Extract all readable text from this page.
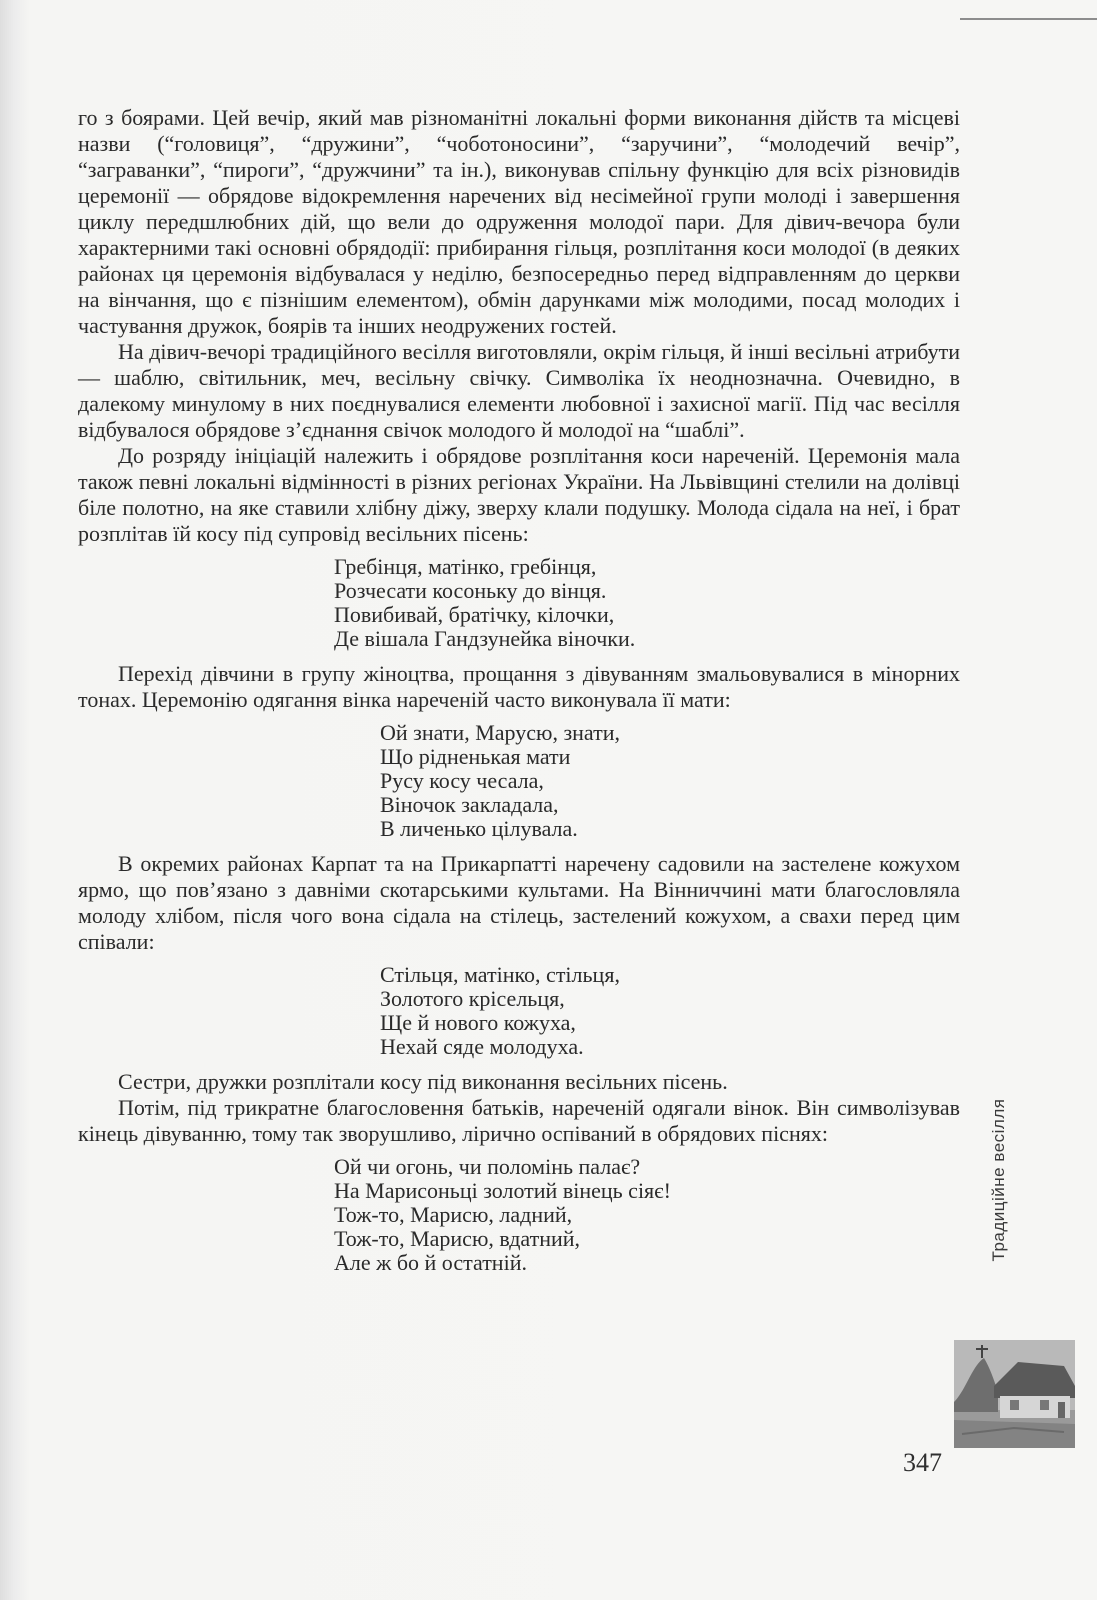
го з боярами. Цей вечір, який мав різноманітні локальні форми виконання дійств та місцеві назви (“головиця”, “дружини”, “чоботоносини”, “заручини”, “молодечий вечір”, “заграванки”, “пироги”, “дружчини” та ін.), виконував спільну функцію для всіх різновидів церемонії — обрядове відокремлення наречених від несімейної групи молоді і завершення циклу передшлюбних дій, що вели до одруження молодої пари. Для дівич-вечора були характерними такі основні обрядодії: прибирання гільця, розплітання коси молодої (в деяких районах ця церемонія відбувалася у неділю, безпосередньо перед відправленням до церкви на вінчання, що є пізнішим елементом), обмін дарунками між молодими, посад молодих і частування дружок, боярів та інших неодружених гостей.

На дівич-вечорі традиційного весілля виготовляли, окрім гільця, й інші весільні атрибути — шаблю, світильник, меч, весільну свічку. Символіка їх неоднозначна. Очевидно, в далекому минулому в них поєднувалися елементи любовної і захисної магії. Під час весілля відбувалося обрядове з’єднання свічок молодого й молодої на “шаблі”.

До розряду ініціацій належить і обрядове розплітання коси нареченій. Церемонія мала також певні локальні відмінності в різних регіонах України. На Львівщині стелили на долівці біле полотно, на яке ставили хлібну діжу, зверху клали подушку. Молода сідала на неї, і брат розплітав їй косу під супровід весільних пісень:

Гребінця, матінко, гребінця,
Розчесати косоньку до вінця.
Повибивай, братічку, кілочки,
Де вішала Гандзунейка віночки.

Перехід дівчини в групу жіноцтва, прощання з дівуванням змальовувалися в мінорних тонах. Церемонію одягання вінка нареченій часто виконувала її мати:

Ой знати, Марусю, знати,
Що рідненькая мати
Русу косу чесала,
Віночок закладала,
В личенько цілувала.

В окремих районах Карпат та на Прикарпатті наречену садовили на застелене кожухом ярмо, що пов’язано з давніми скотарськими культами. На Вінниччині мати благословляла молоду хлібом, після чого вона сідала на стілець, застелений кожухом, а свахи перед цим співали:

Стільця, матінко, стільця,
Золотого крісельця,
Ще й нового кожуха,
Нехай сяде молодуха.

Сестри, дружки розплітали косу під виконання весільних пісень.

Потім, під трикратне благословення батьків, нареченій одягали вінок. Він символізував кінець дівуванню, тому так зворушливо, лірично оспіваний в обрядових піснях:

Ой чи огонь, чи поломінь палає?
На Марисоньці золотий вінець сіяє!
Тож-то, Марисю, ладний,
Тож-то, Марисю, вдатний,
Але ж бо й остатній.
Традиційне весілля
347
